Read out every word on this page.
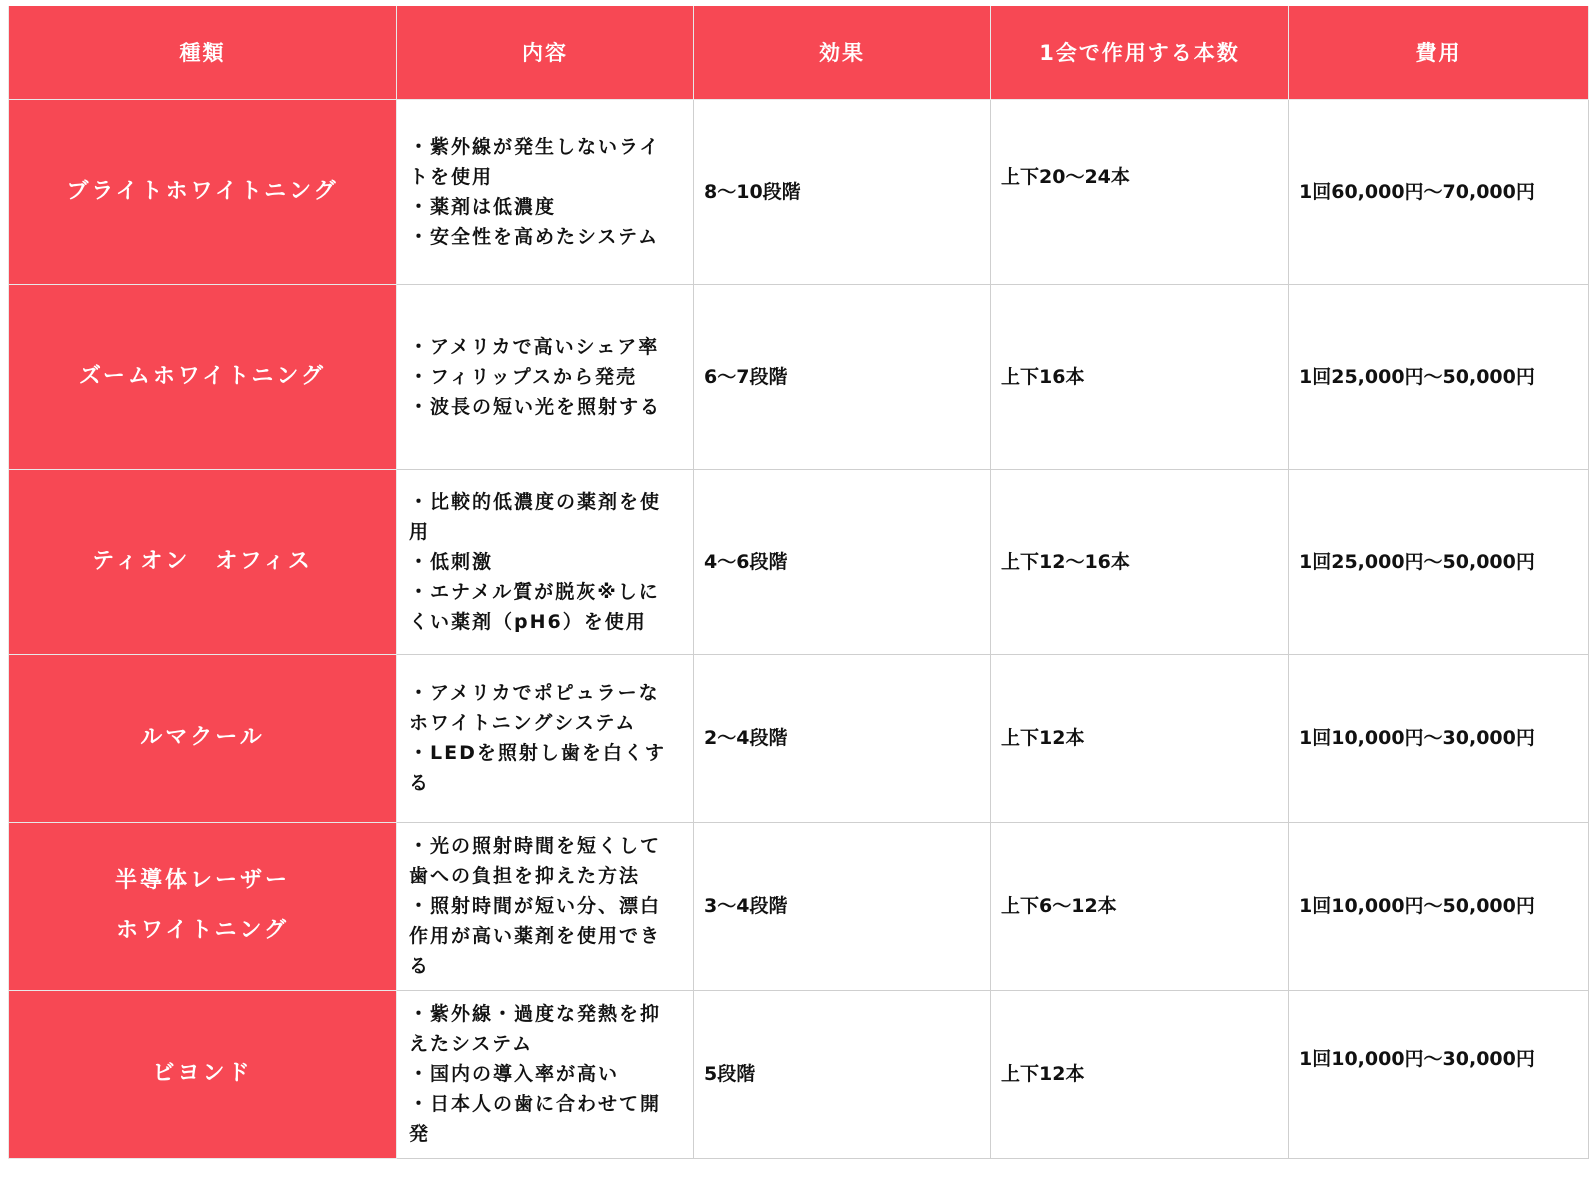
種類	内容	効果	1会で作用する本数	費用

ブライトホワイトニング	・紫外線が発生しないライ
トを使用
・薬剤は低濃度
・安全性を高めたシステム	8〜10段階	上下20〜24本	1回60,000円〜70,000円

ズームホワイトニング	・アメリカで高いシェア率
・フィリップスから発売
・波長の短い光を照射する	6〜7段階	上下16本	1回25,000円〜50,000円

ティオン　オフィス	・比較的低濃度の薬剤を使
用
・低刺激
・エナメル質が脱灰※しに
くい薬剤（pH6）を使用	4〜6段階	上下12〜16本	1回25,000円〜50,000円

ルマクール	・アメリカでポピュラーな
ホワイトニングシステム
・LEDを照射し歯を白くす
る	2〜4段階	上下12本	1回10,000円〜30,000円

半導体レーザー
ホワイトニング	・光の照射時間を短くして
歯への負担を抑えた方法
・照射時間が短い分、漂白
作用が高い薬剤を使用でき
る	3〜4段階	上下6〜12本	1回10,000円〜50,000円

ビヨンド	・紫外線・過度な発熱を抑
えたシステム
・国内の導入率が高い
・日本人の歯に合わせて開
発	5段階	上下12本	1回10,000円〜30,000円
